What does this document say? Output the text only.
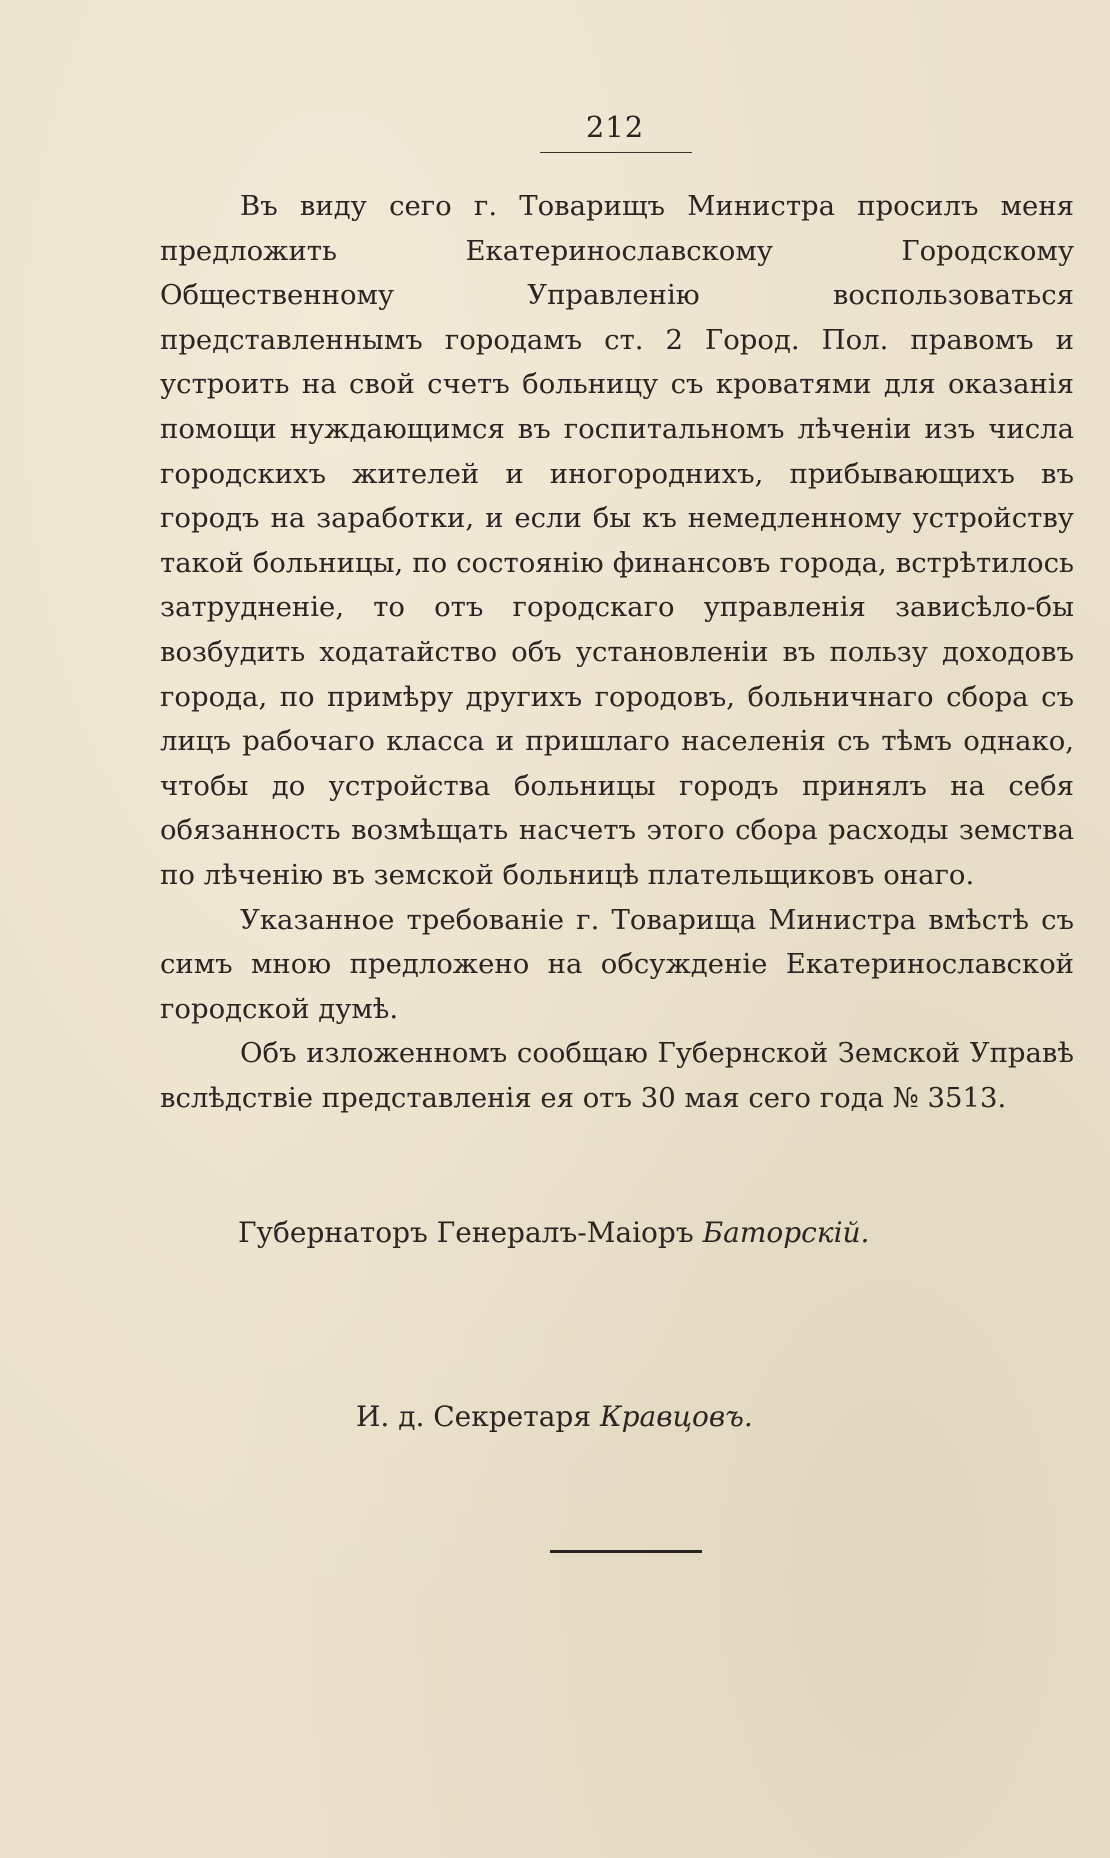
212

Въ виду сего г. Товарищъ Министра просилъ меня предложить Екатеринославскому Городскому Общественному Управленію воспользоваться представленнымъ городамъ ст. 2 Город. Пол. правомъ и устроить на свой счетъ больницу съ кроватями для оказанія помощи нуждающимся въ госпитальномъ лѣченіи изъ числа городскихъ жителей и иногороднихъ, прибывающихъ въ городъ на заработки, и если бы къ немедленному устройству такой больницы, по состоянію финансовъ города, встрѣтилось затрудненіе, то отъ городскаго управленія зависѣло-бы возбудить ходатайство объ установленіи въ пользу доходовъ города, по примѣру другихъ городовъ, больничнаго сбора съ лицъ рабочаго класса и пришлаго населенія съ тѣмъ однако, чтобы до устройства больницы городъ принялъ на себя обязанность возмѣщать насчетъ этого сбора расходы земства по лѣченію въ земской больницѣ плательщиковъ онаго.

Указанное требованіе г. Товарища Министра вмѣстѣ съ симъ мною предложено на обсужденіе Екатеринославской городской думѣ.

Объ изложенномъ сообщаю Губернской Земской Управѣ вслѣдствіе представленія ея отъ 30 мая сего года № 3513.

Губернаторъ Генералъ-Маіоръ Баторскій.
И. д. Секретаря Кравцовъ.
